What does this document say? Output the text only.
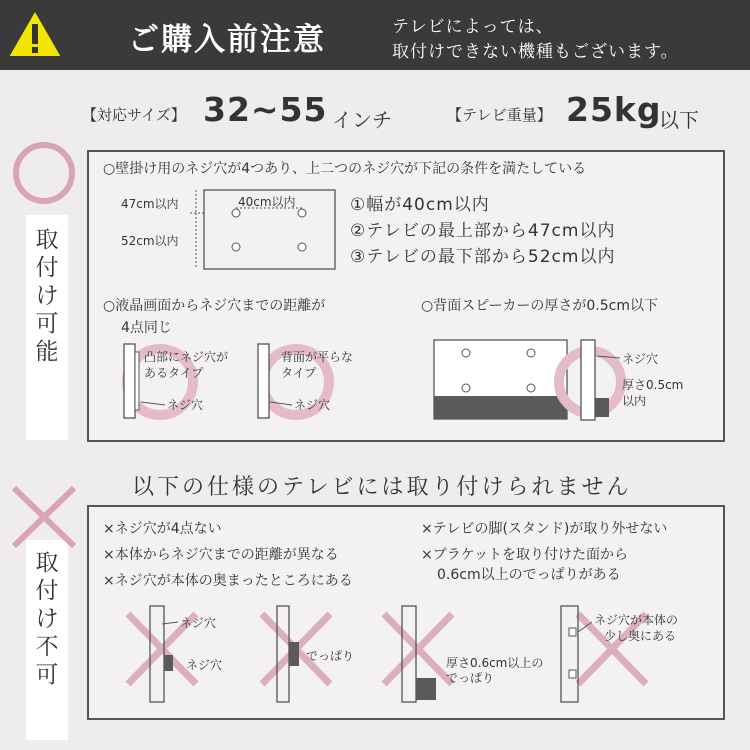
ご購入前注意	テレビによっては、
取付けできない機種もございます。
【対応サイズ】 32~55 インチ	【テレビ重量】 25kg
以下
取
付
け
可
能
取
付
け
不
可
○壁掛け用のネジ穴が4つあり、上二つのネジ穴が下記の条件を満たしている
47cm以内
52cm以内
40cm以内	①幅が40cm以内
②テレビの最上部から47cm以内
③テレビの最下部から52cm以内
○液晶画面からネジ穴までの距離が
4点同じ
凸部にネジ穴が
あるタイプ
ネジ穴
背面が平らな
タイプ
ネジ穴
○背面スピーカーの厚さが0.5cm以下
ネジ穴
厚さ0.5cm
以内
以下の仕様のテレビには取り付けられません
×ネジ穴が4点ない
×本体からネジ穴までの距離が異なる
×ネジ穴が本体の奥まったところにある
×テレビの脚(スタンド)が取り外せない
×ブラケットを取り付けた面から
0.6cm以上のでっぱりがある
ネジ穴
ネジ穴
でっぱり	厚さ0.6cm以上の
でっぱり
ネジ穴が本体の
少し奥にある
